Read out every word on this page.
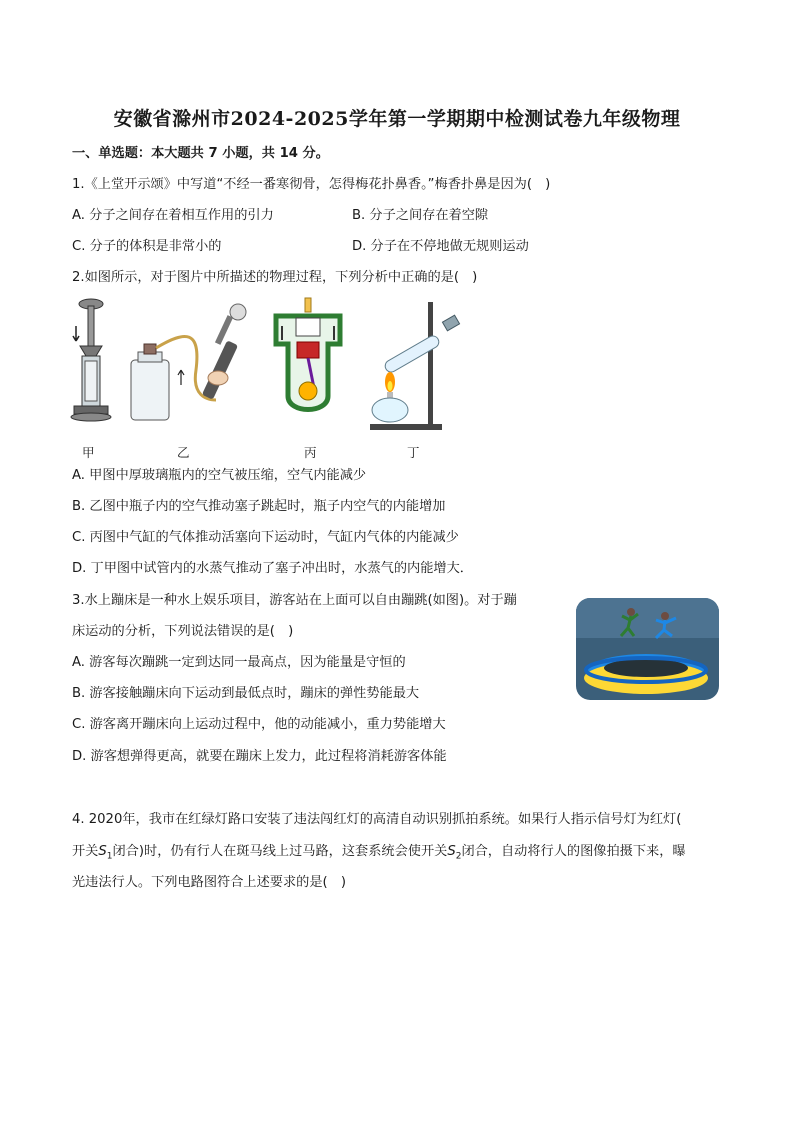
安徽省滁州市2024-2025学年第一学期期中检测试卷九年级物理
一、单选题：本大题共 7 小题，共 14 分。
1.《上堂开示颂》中写道“不经一番寒彻骨，怎得梅花扑鼻香。”梅香扑鼻是因为(　)
A. 分子之间存在着相互作用的引力	B. 分子之间存在着空隙
C. 分子的体积是非常小的	D. 分子在不停地做无规则运动
2.如图所示，对于图片中所描述的物理过程，下列分析中正确的是(　)
甲	乙	丙	丁
A. 甲图中厚玻璃瓶内的空气被压缩，空气内能减少
B. 乙图中瓶子内的空气推动塞子跳起时，瓶子内空气的内能增加
C. 丙图中气缸的气体推动活塞向下运动时，气缸内气体的内能减少
D. 丁甲图中试管内的水蒸气推动了塞子冲出时，水蒸气的内能增大．
3.水上蹦床是一种水上娱乐项目，游客站在上面可以自由蹦跳(如图)。对于蹦
床运动的分析，下列说法错误的是(　)
A. 游客每次蹦跳一定到达同一最高点，因为能量是守恒的
B. 游客接触蹦床向下运动到最低点时，蹦床的弹性势能最大
C. 游客离开蹦床向上运动过程中，他的动能减小，重力势能增大
D. 游客想弹得更高，就要在蹦床上发力，此过程将消耗游客体能
4. 2020年，我市在红绿灯路口安装了违法闯红灯的高清自动识别抓拍系统。如果行人指示信号灯为红灯(
开关$S_1$闭合)时，仍有行人在斑马线上过马路，这套系统会使开关$S_2$闭合，自动将行人的图像拍摄下来，曝
光违法行人。下列电路图符合上述要求的是(　)
